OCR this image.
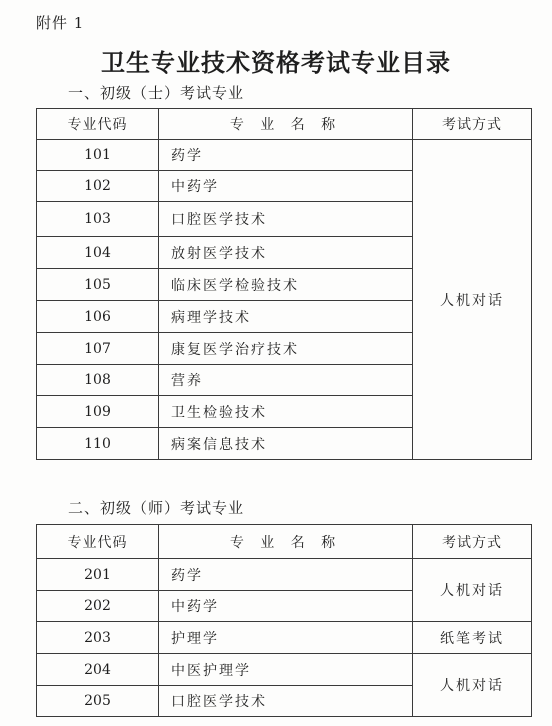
附件 1
卫生专业技术资格考试专业目录
一、初级（士）考试专业
专业代码	专 业 名 称	考试方式
101	药学	人机对话
102	中药学	
103	口腔医学技术	
104	放射医学技术	
105	临床医学检验技术	
106	病理学技术	
107	康复医学治疗技术	
108	营养	
109	卫生检验技术	
110	病案信息技术	
二、初级（师）考试专业
专业代码	专 业 名 称	考试方式
201	药学	人机对话
202	中药学	
203	护理学	纸笔考试
204	中医护理学	人机对话
205	口腔医学技术	
